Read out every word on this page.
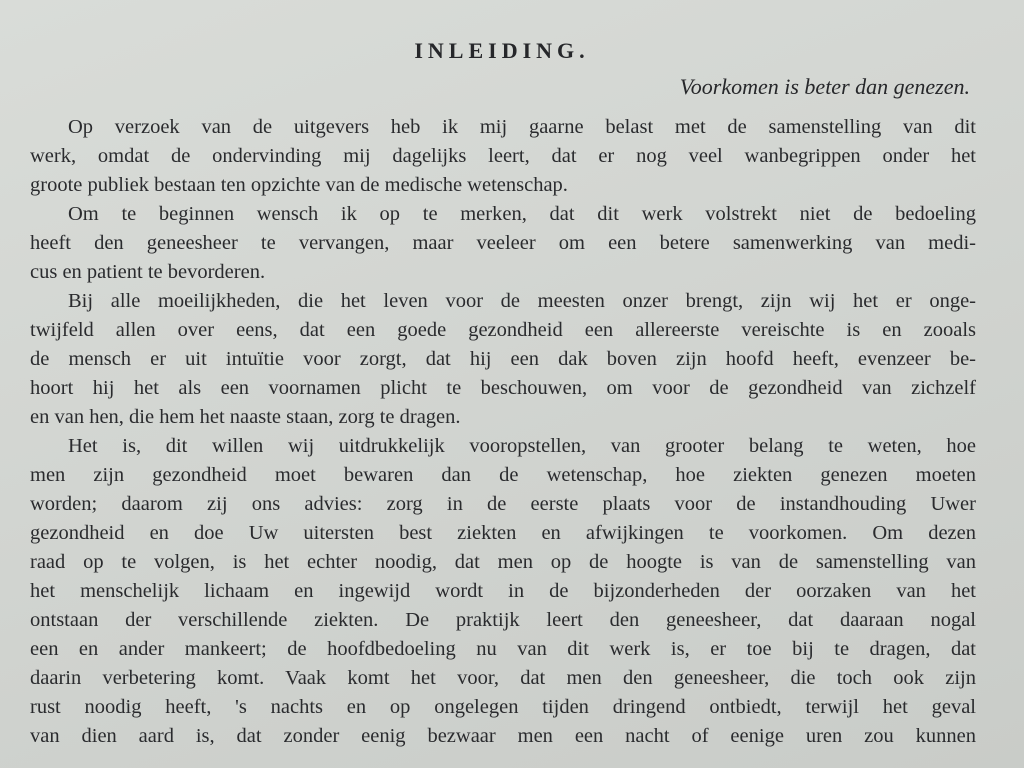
INLEIDING.

Voorkomen is beter dan genezen.

Op verzoek van de uitgevers heb ik mij gaarne belast met de samenstelling van dit
werk, omdat de ondervinding mij dagelijks leert, dat er nog veel wanbegrippen onder het
groote publiek bestaan ten opzichte van de medische wetenschap.
Om te beginnen wensch ik op te merken, dat dit werk volstrekt niet de bedoeling
heeft den geneesheer te vervangen, maar veeleer om een betere samenwerking van medi-
cus en patient te bevorderen.
Bij alle moeilijkheden, die het leven voor de meesten onzer brengt, zijn wij het er onge-
twijfeld allen over eens, dat een goede gezondheid een allereerste vereischte is en zooals
de mensch er uit intuïtie voor zorgt, dat hij een dak boven zijn hoofd heeft, evenzeer be-
hoort hij het als een voornamen plicht te beschouwen, om voor de gezondheid van zichzelf
en van hen, die hem het naaste staan, zorg te dragen.
Het is, dit willen wij uitdrukkelijk vooropstellen, van grooter belang te weten, hoe
men zijn gezondheid moet bewaren dan de wetenschap, hoe ziekten genezen moeten
worden; daarom zij ons advies: zorg in de eerste plaats voor de instandhouding Uwer
gezondheid en doe Uw uitersten best ziekten en afwijkingen te voorkomen. Om dezen
raad op te volgen, is het echter noodig, dat men op de hoogte is van de samenstelling van
het menschelijk lichaam en ingewijd wordt in de bijzonderheden der oorzaken van het
ontstaan der verschillende ziekten. De praktijk leert den geneesheer, dat daaraan nogal
een en ander mankeert; de hoofdbedoeling nu van dit werk is, er toe bij te dragen, dat
daarin verbetering komt. Vaak komt het voor, dat men den geneesheer, die toch ook zijn
rust noodig heeft, 's nachts en op ongelegen tijden dringend ontbiedt, terwijl het geval
van dien aard is, dat zonder eenig bezwaar men een nacht of eenige uren zou kunnen
